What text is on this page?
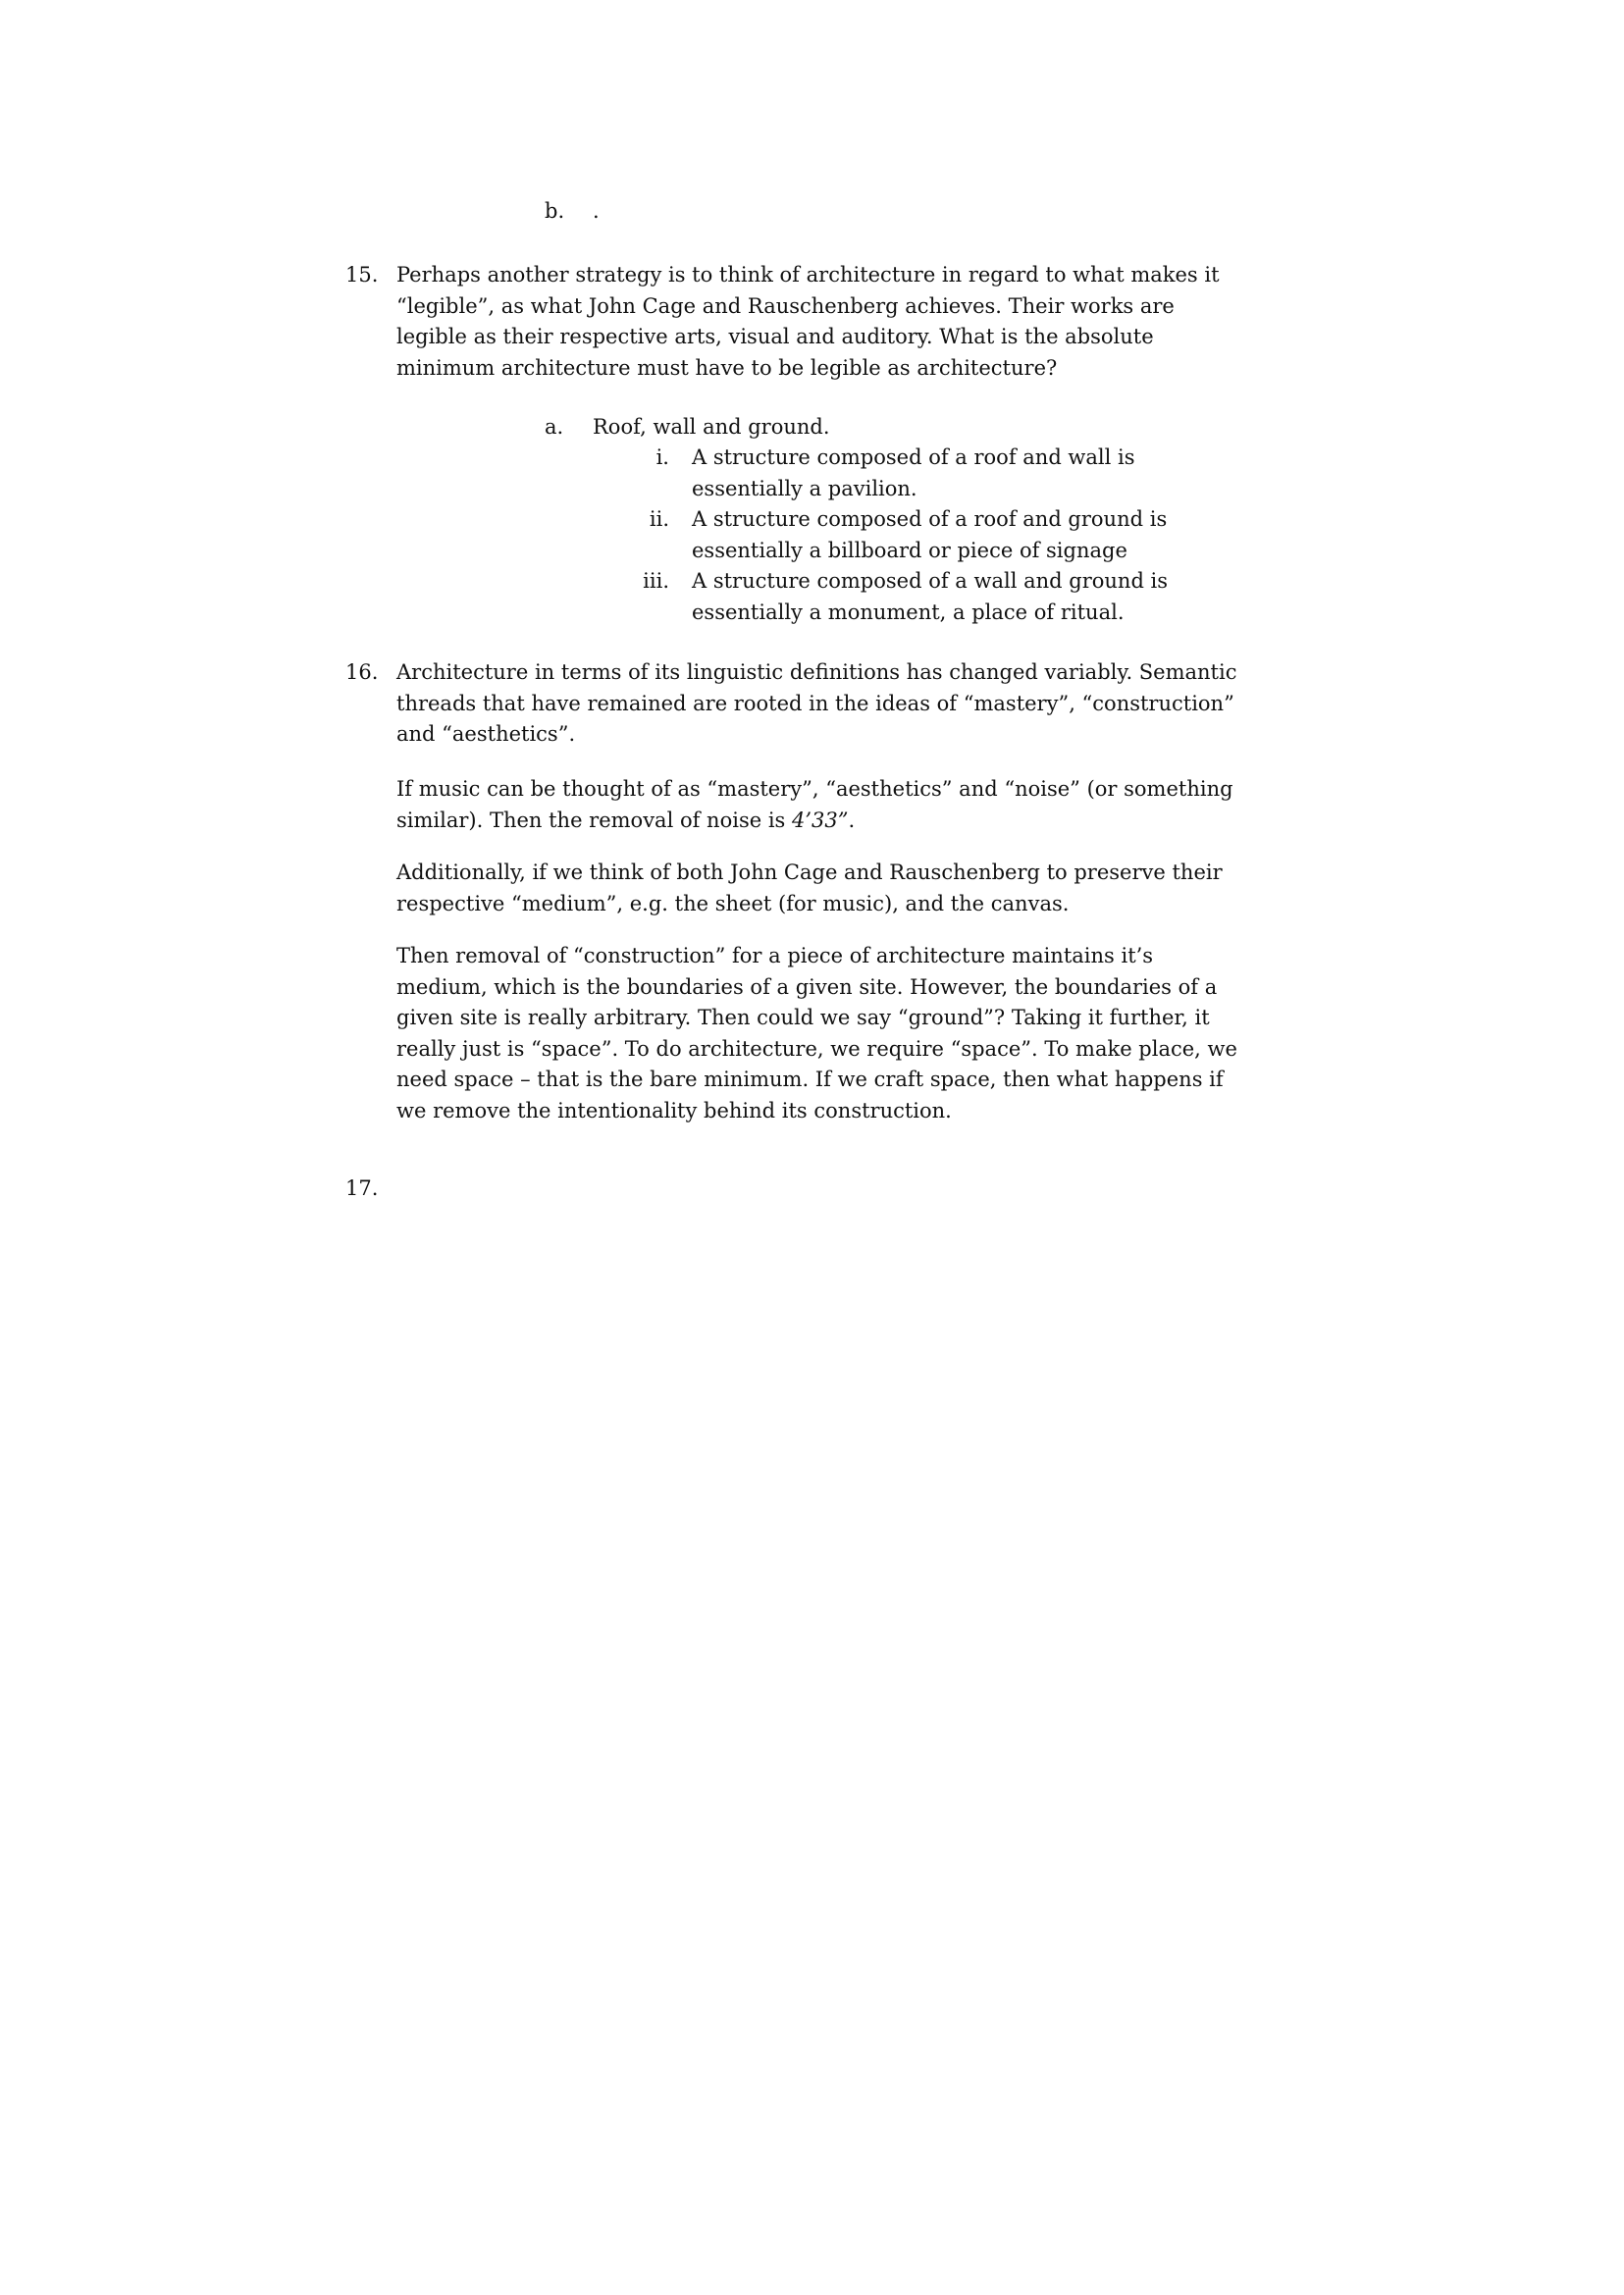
b. .
15. Perhaps another strategy is to think of architecture in regard to what makes it “legible”, as what John Cage and Rauschenberg achieves. Their works are legible as their respective arts, visual and auditory. What is the absolute minimum architecture must have to be legible as architecture?

a. Roof, wall and ground.
i. A structure composed of a roof and wall is essentially a pavilion.
ii. A structure composed of a roof and ground is essentially a billboard or piece of signage
iii. A structure composed of a wall and ground is essentially a monument, a place of ritual.
16. Architecture in terms of its linguistic definitions has changed variably. Semantic threads that have remained are rooted in the ideas of “mastery”, “construction” and “aesthetics”.

If music can be thought of as “mastery”, “aesthetics” and “noise” (or something similar). Then the removal of noise is 4’33”.

Additionally, if we think of both John Cage and Rauschenberg to preserve their respective “medium”, e.g. the sheet (for music), and the canvas.

Then removal of “construction” for a piece of architecture maintains it’s medium, which is the boundaries of a given site. However, the boundaries of a given site is really arbitrary. Then could we say “ground”? Taking it further, it really just is “space”. To do architecture, we require “space”. To make place, we need space – that is the bare minimum. If we craft space, then what happens if we remove the intentionality behind its construction.

17.
